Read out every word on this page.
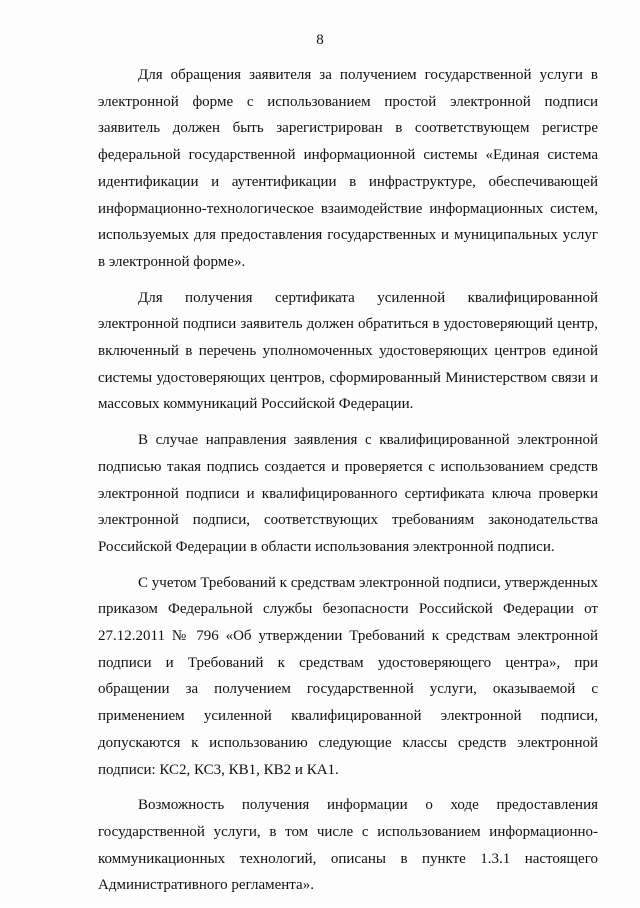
8

Для обращения заявителя за получением государственной услуги в электронной форме с использованием простой электронной подписи заявитель должен быть зарегистрирован в соответствующем регистре федеральной государственной информационной системы «Единая система идентификации и аутентификации в инфраструктуре, обеспечивающей информационно-технологическое взаимодействие информационных систем, используемых для предоставления государственных и муниципальных услуг в электронной форме».

Для получения сертификата усиленной квалифицированной электронной подписи заявитель должен обратиться в удостоверяющий центр, включенный в перечень уполномоченных удостоверяющих центров единой системы удостоверяющих центров, сформированный Министерством связи и массовых коммуникаций Российской Федерации.

В случае направления заявления с квалифицированной электронной подписью такая подпись создается и проверяется с использованием средств электронной подписи и квалифицированного сертификата ключа проверки электронной подписи, соответствующих требованиям законодательства Российской Федерации в области использования электронной подписи.

С учетом Требований к средствам электронной подписи, утвержденных приказом Федеральной службы безопасности Российской Федерации от 27.12.2011 № 796 «Об утверждении Требований к средствам электронной подписи и Требований к средствам удостоверяющего центра», при обращении за получением государственной услуги, оказываемой с применением усиленной квалифицированной электронной подписи, допускаются к использованию следующие классы средств электронной подписи: КС2, КС3, КВ1, КВ2 и КА1.

Возможность получения информации о ходе предоставления государственной услуги, в том числе с использованием информационно-коммуникационных технологий, описаны в пункте 1.3.1 настоящего Административного регламента».
